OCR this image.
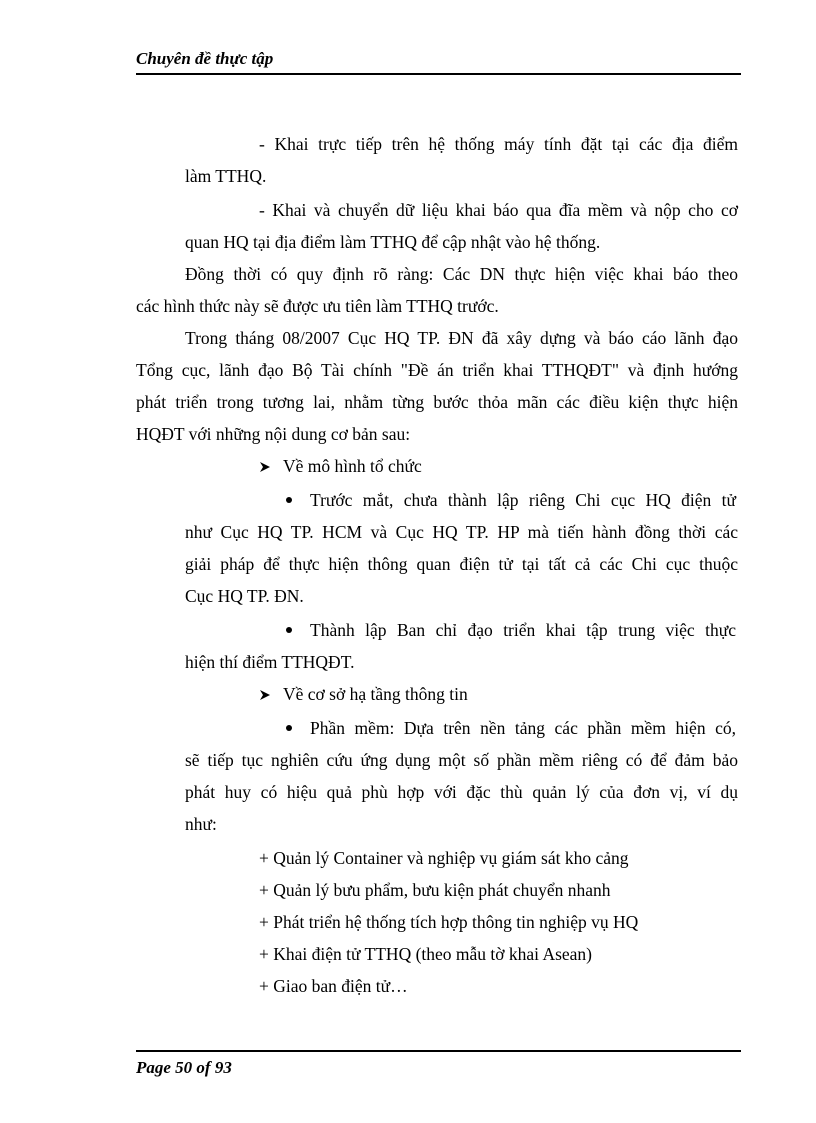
Chuyên đề thực tập
- Khai trực tiếp trên hệ thống máy tính đặt tại các địa điểm
làm TTHQ.
- Khai và chuyển dữ liệu khai báo qua đĩa mềm và nộp cho cơ
quan HQ tại địa điểm làm TTHQ để cập nhật vào hệ thống.
Đồng thời có quy định rõ ràng: Các DN thực hiện việc khai báo theo
các hình thức này sẽ được ưu tiên làm TTHQ trước.
Trong tháng 08/2007 Cục HQ TP. ĐN đã xây dựng và báo cáo lãnh đạo
Tổng cục, lãnh đạo Bộ Tài chính "Đề án triển khai TTHQĐT" và định hướng
phát triển trong tương lai, nhằm từng bước thỏa mãn các điều kiện thực hiện
HQĐT với những nội dung cơ bản sau:
Về mô hình tổ chức
Trước mắt, chưa thành lập riêng Chi cục HQ điện tử
như Cục HQ TP. HCM và Cục HQ TP. HP mà tiến hành đồng thời các
giải pháp để thực hiện thông quan điện tử tại tất cả các Chi cục thuộc
Cục HQ TP. ĐN.
Thành lập Ban chỉ đạo triển khai tập trung việc thực
hiện thí điểm TTHQĐT.
Về cơ sở hạ tầng thông tin
Phần mềm: Dựa trên nền tảng các phần mềm hiện có,
sẽ tiếp tục nghiên cứu ứng dụng một số phần mềm riêng có để đảm bảo
phát huy có hiệu quả phù hợp với đặc thù quản lý của đơn vị, ví dụ
như:
+ Quản lý Container và nghiệp vụ giám sát kho cảng
+ Quản lý bưu phẩm, bưu kiện phát chuyển nhanh
+ Phát triển hệ thống tích hợp thông tin nghiệp vụ HQ
+ Khai điện tử TTHQ (theo mẫu tờ khai Asean)
+ Giao ban điện tử…
Page 50 of 93
